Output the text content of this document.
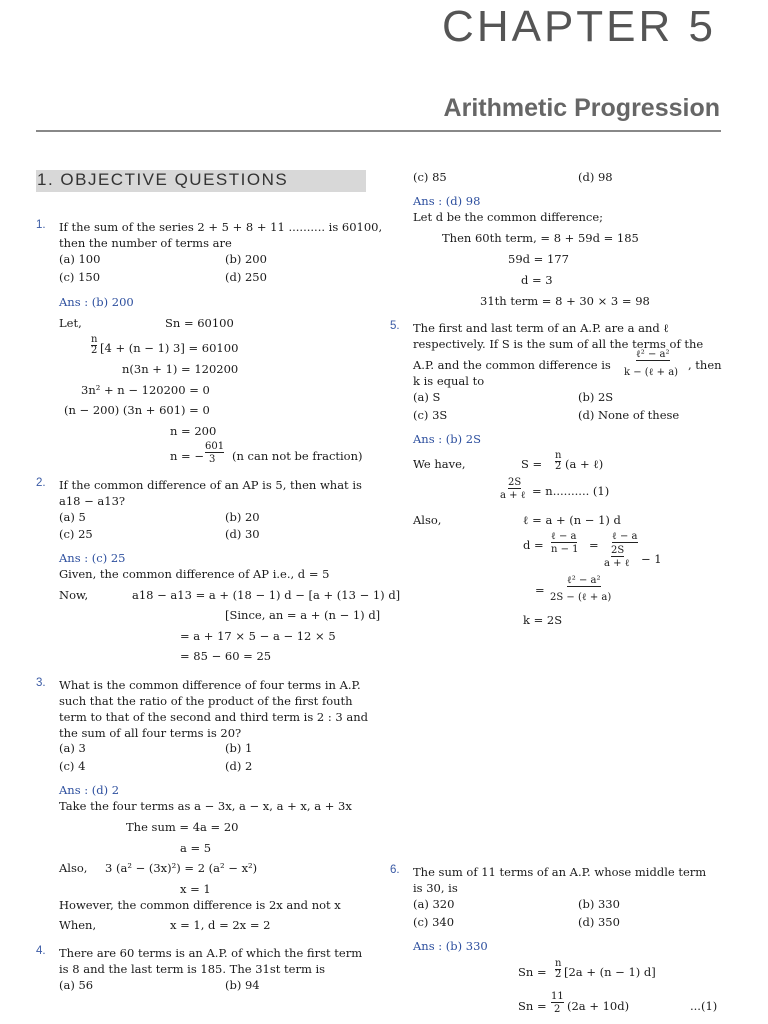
CHAPTER 5
Arithmetic Progression
1. OBJECTIVE QUESTIONS
1. If the sum of the series 2 + 5 + 8 + 11 .......... is 60100,
then the number of terms are
(a) 100	(b) 200
(c) 150	(d) 250
Ans : (b) 200
Let,	Sn = 60100
[4 + (n − 1) 3] = 60100
n
2
n(3n + 1) = 120200
3n² + n − 120200 = 0
(n − 200) (3n + 601) = 0
n = 200
n = −
601
3 (n can not be fraction)
2. If the common difference of an AP is 5, then what is
a18 − a13?
(a) 5	(b) 20
(c) 25	(d) 30
Ans : (c) 25
Given, the common difference of AP i.e., d = 5
Now,	a18 − a13 = a + (18 − 1) d − [a + (13 − 1) d]
[Since, an = a + (n − 1) d]
= a + 17 × 5 − a − 12 × 5
= 85 − 60 = 25
3. What is the common difference of four terms in A.P.
such that the ratio of the product of the first fouth
term to that of the second and third term is 2 : 3 and
the sum of all four terms is 20?
(a) 3	(b) 1
(c) 4	(d) 2
Ans : (d) 2
Take the four terms as a − 3x, a − x, a + x, a + 3x
The sum = 4a = 20
a = 5
Also, 3 (a² − (3x)²) = 2 (a² − x²)
x = 1
However, the common difference is 2x and not x
When,	x = 1, d = 2x = 2
4. There are 60 terms is an A.P. of which the first term
is 8 and the last term is 185. The 31st term is
(a) 56	(b) 94
(c) 85	(d) 98
Ans : (d) 98
Let d be the common difference;
Then 60th term, = 8 + 59d = 185
59d = 177
d = 3
31th term = 8 + 30 × 3 = 98
5. The first and last term of an A.P. are a and ℓ
respectively. If S is the sum of all the terms of the
A.P. and the common difference is
ℓ² − a²
k − (ℓ + a)
, then
k is equal to
(a) S	(b) 2S
(c) 3S	(d) None of these
Ans : (b) 2S
We have,	S =
n
2 (a + ℓ)
2S
a + ℓ = n.......... (1)
Also,	ℓ = a + (n − 1) d
d =
ℓ − a
n − 1 =
ℓ − a
2S
a + ℓ − 1
=
ℓ² − a²
2S − (ℓ + a)
k = 2S
6. The sum of 11 terms of an A.P. whose middle term
is 30, is
(a) 320	(b) 330
(c) 340	(d) 350
Ans : (b) 330
Sn =
n
2 [2a + (n − 1) d]
Sn =
11
2 (2a + 10d)	...(1)
